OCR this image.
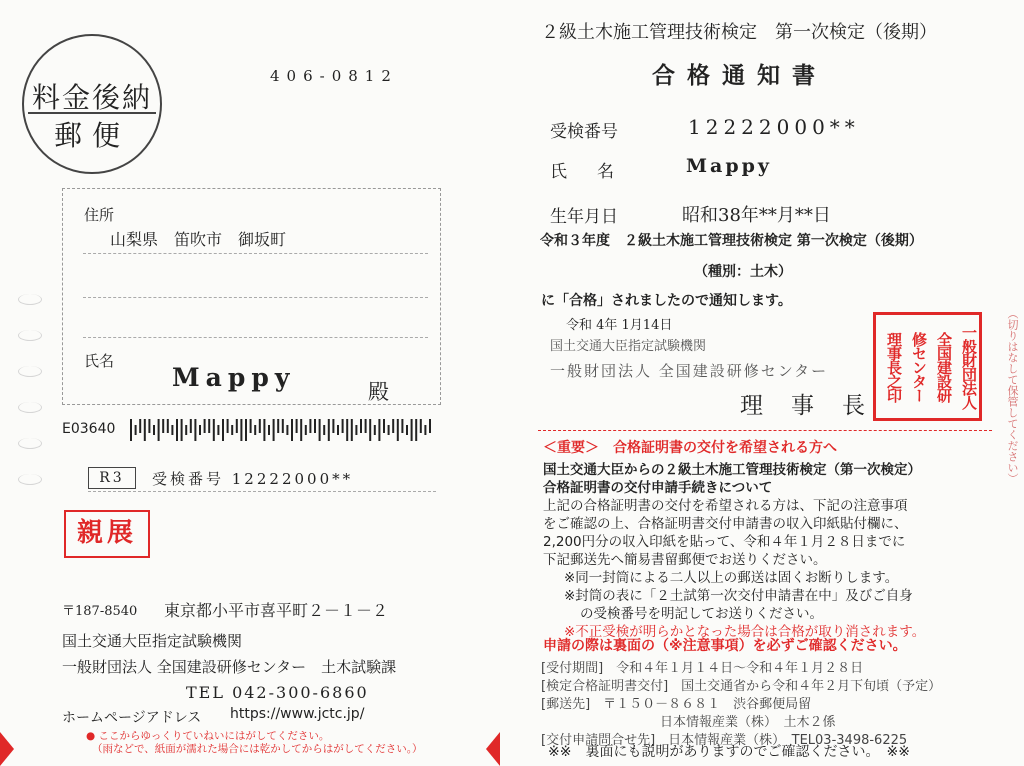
料金後納
郵便
406-0812
住所
山梨県　笛吹市　御坂町
氏名
Mappy	殿
E03640
R3	受検番号 12222000**
親展
〒187-8540 東京都小平市喜平町２－１－２
国土交通大臣指定試験機関
一般財団法人 全国建設研修センター　土木試験課
TEL 042-300-6860
ホームページアドレス https://www.jctc.jp/
● ここからゆっくりていねいにはがしてください。
（雨などで、紙面が濡れた場合には乾かしてからはがしてください。）
２級土木施工管理技術検定　第一次検定（後期）
合格通知書
受検番号	12222000**
氏名 Mappy
生年月日	昭和38年**月**日
令和３年度　２級土木施工管理技術検定 第一次検定（後期）
（種別：土木）
に「合格」されましたので通知します。
令和 4年 1月14日
国土交通大臣指定試験機関
一般財団法人 全国建設研修センター
理事長	一般財団法人
全国建設研
修センター
理事長之印	（切りはなして保管してください）
＜重要＞　合格証明書の交付を希望される方へ
国土交通大臣からの２級土木施工管理技術検定（第一次検定）
合格証明書の交付申請手続きについて
上記の合格証明書の交付を希望される方は、下記の注意事項
をご確認の上、合格証明書交付申請書の収入印紙貼付欄に、
2,200円分の収入印紙を貼って、令和４年１月２８日までに
下記郵送先へ簡易書留郵便でお送りください。
※同一封筒による二人以上の郵送は固くお断りします。
※封筒の表に「２土試第一次交付申請書在中」及びご自身
の受検番号を明記してお送りください。
※不正受検が明らかとなった場合は合格が取り消されます。
申請の際は裏面の（※注意事項）を必ずご確認ください。
[受付期間]　令和４年１月１４日～令和４年１月２８日
[検定合格証明書交付]　国土交通省から令和４年２月下旬頃（予定）
[郵送先]　〒１５０－８６８１　渋谷郵便局留
日本情報産業（株）　土木２係
[交付申請問合せ先]　日本情報産業（株）　TEL03-3498-6225
※※　裏面にも説明がありますのでご確認ください。　※※
